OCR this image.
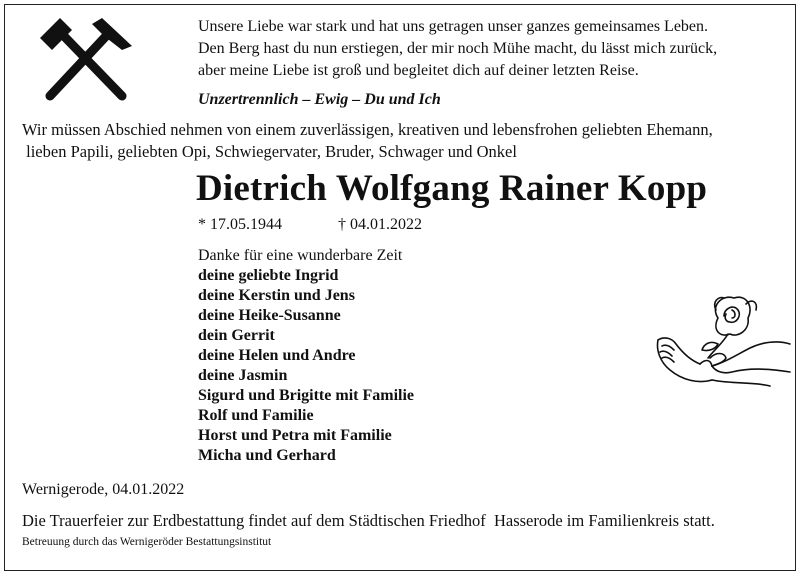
Unsere Liebe war stark und hat uns getragen unser ganzes gemeinsames Leben.
Den Berg hast du nun erstiegen, der mir noch Mühe macht, du lässt mich zurück,
aber meine Liebe ist groß und begleitet dich auf deiner letzten Reise.
Unzertrennlich – Ewig – Du und Ich
Wir müssen Abschied nehmen von einem zuverlässigen, kreativen und lebensfrohen geliebten Ehemann,
lieben Papili, geliebten Opi, Schwiegervater, Bruder, Schwager und Onkel
Dietrich Wolfgang Rainer Kopp
* 17.05.1944	† 04.01.2022
Danke für eine wunderbare Zeit
deine geliebte Ingrid
deine Kerstin und Jens
deine Heike-Susanne
dein Gerrit
deine Helen und Andre
deine Jasmin
Sigurd und Brigitte mit Familie
Rolf und Familie
Horst und Petra mit Familie
Micha und Gerhard
Wernigerode, 04.01.2022
Die Trauerfeier zur Erdbestattung findet auf dem Städtischen Friedhof  Hasserode im Familienkreis statt.
Betreuung durch das Wernigeröder Bestattungsinstitut
